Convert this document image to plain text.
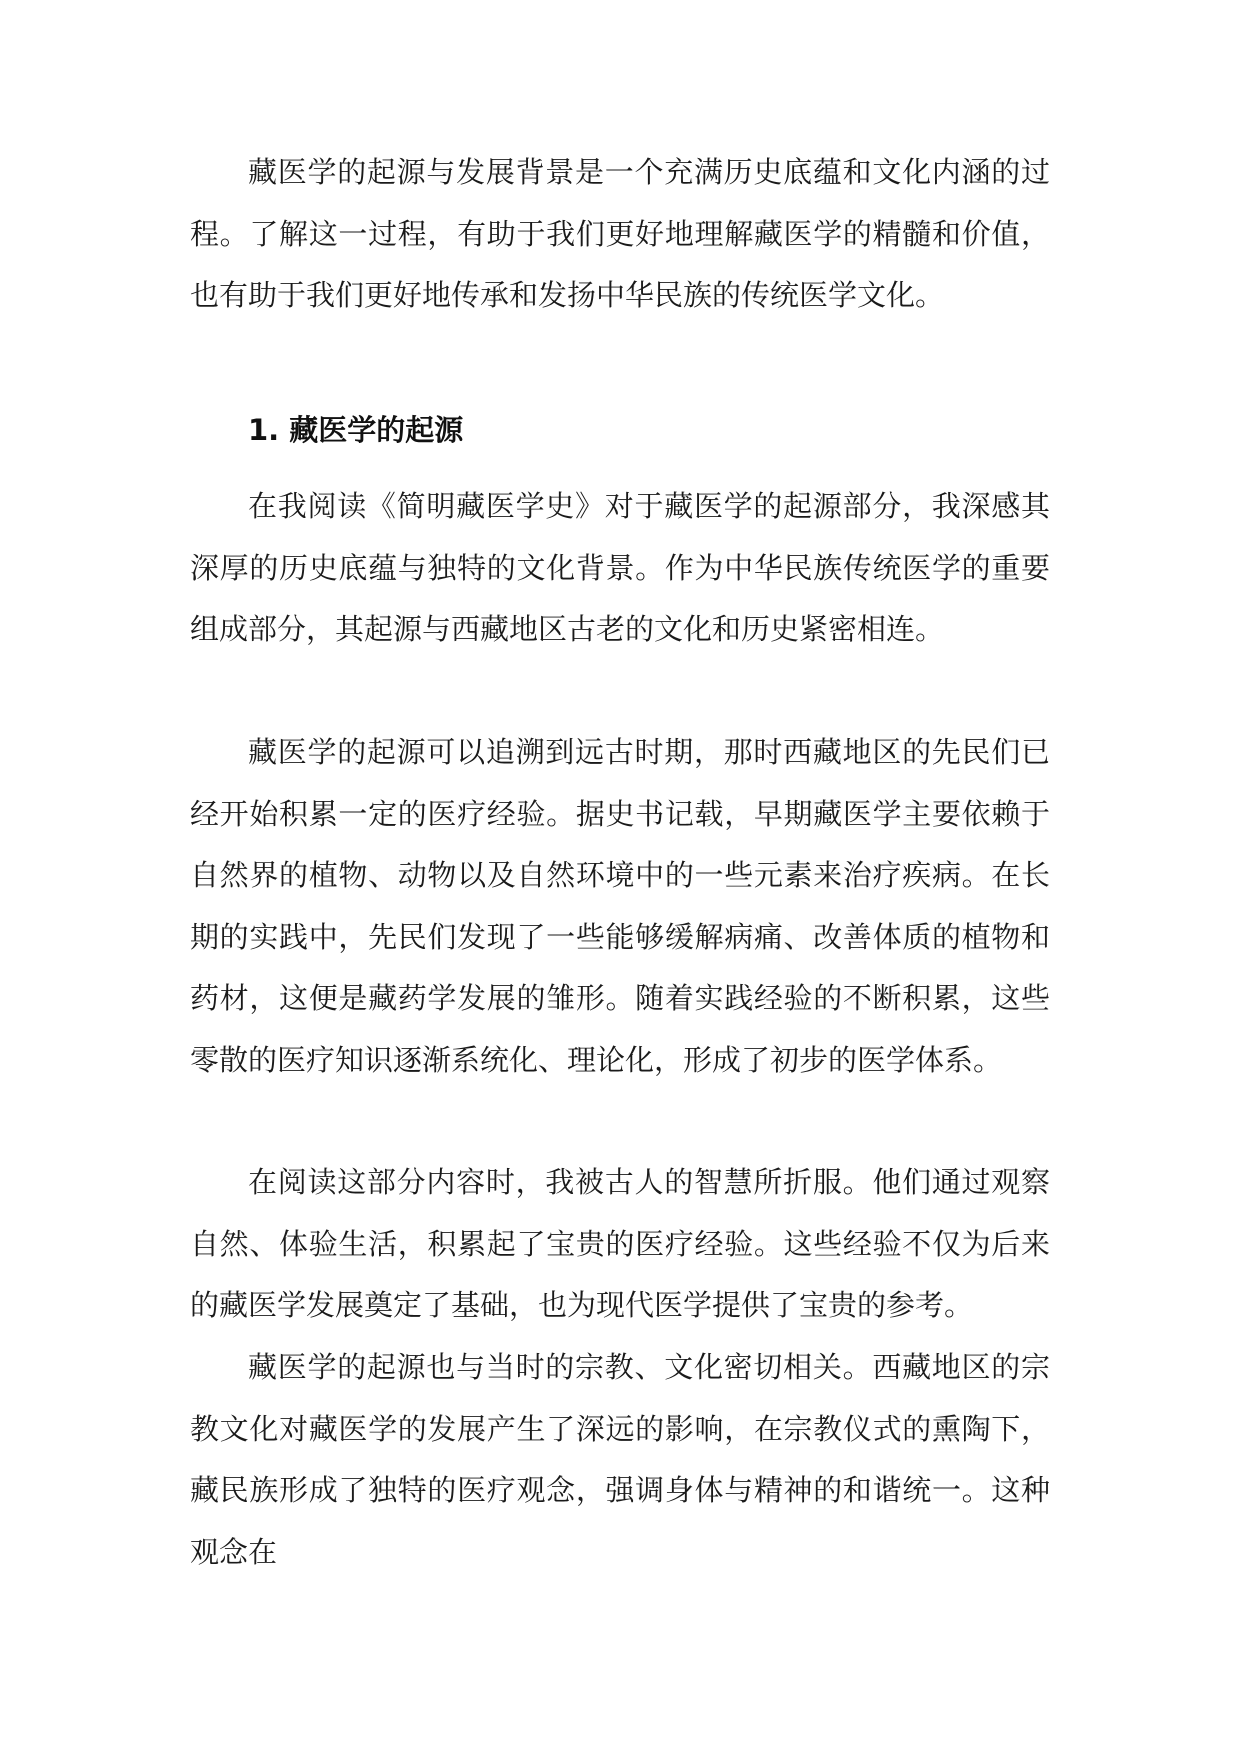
藏医学的起源与发展背景是一个充满历史底蕴和文化内涵的过程。了解这一过程，有助于我们更好地理解藏医学的精髓和价值，也有助于我们更好地传承和发扬中华民族的传统医学文化。

1. 藏医学的起源

在我阅读《简明藏医学史》对于藏医学的起源部分，我深感其深厚的历史底蕴与独特的文化背景。作为中华民族传统医学的重要组成部分，其起源与西藏地区古老的文化和历史紧密相连。

藏医学的起源可以追溯到远古时期，那时西藏地区的先民们已经开始积累一定的医疗经验。据史书记载，早期藏医学主要依赖于自然界的植物、动物以及自然环境中的一些元素来治疗疾病。在长期的实践中，先民们发现了一些能够缓解病痛、改善体质的植物和药材，这便是藏药学发展的雏形。随着实践经验的不断积累，这些零散的医疗知识逐渐系统化、理论化，形成了初步的医学体系。

在阅读这部分内容时，我被古人的智慧所折服。他们通过观察自然、体验生活，积累起了宝贵的医疗经验。这些经验不仅为后来的藏医学发展奠定了基础，也为现代医学提供了宝贵的参考。

藏医学的起源也与当时的宗教、文化密切相关。西藏地区的宗教文化对藏医学的发展产生了深远的影响，在宗教仪式的熏陶下，藏民族形成了独特的医疗观念，强调身体与精神的和谐统一。这种观念在
